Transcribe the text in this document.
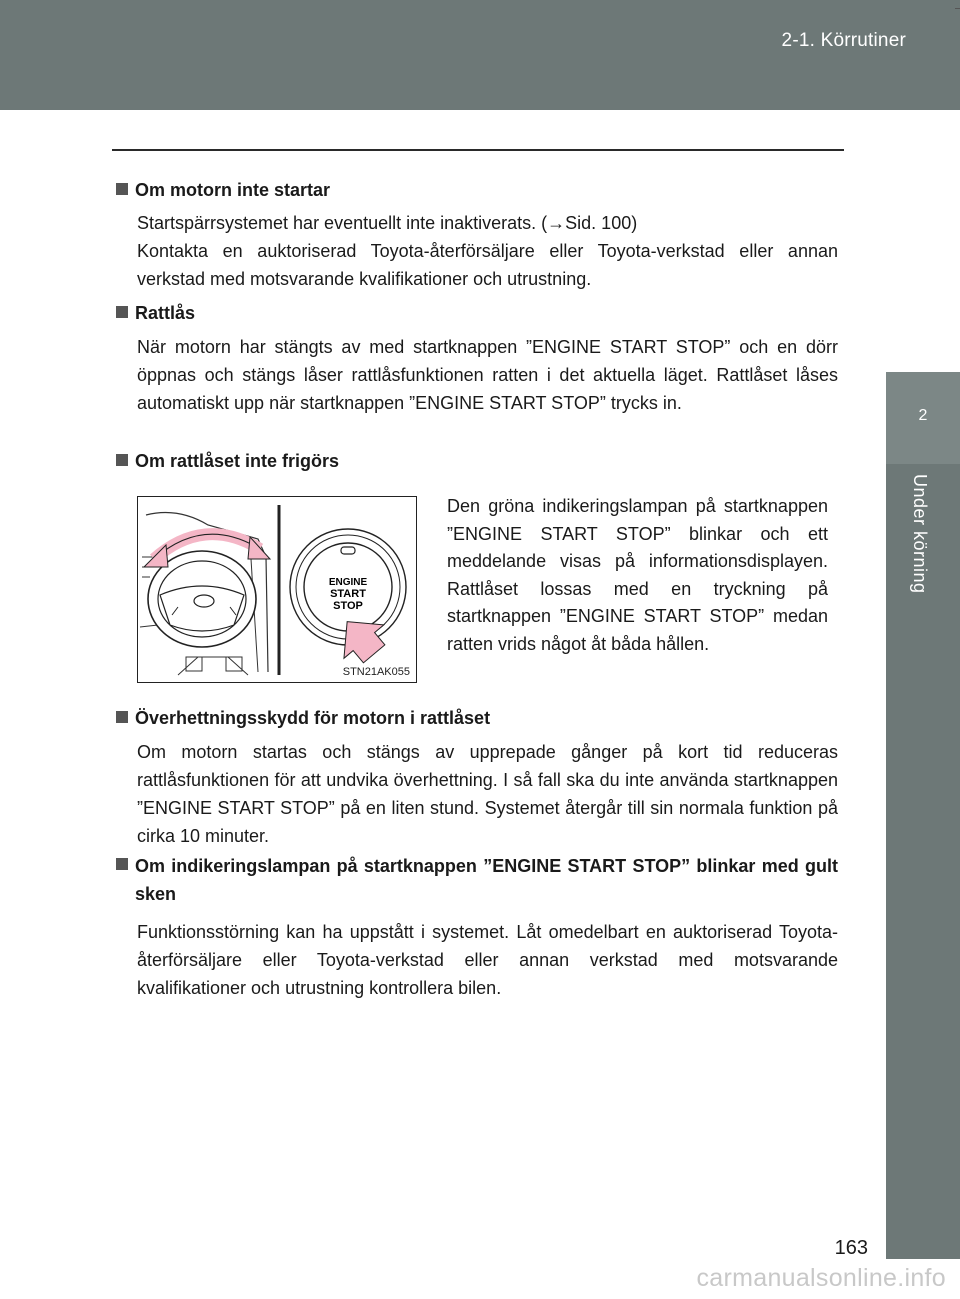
2-1. Körrutiner
2
Under körning
Om motorn inte startar
Startspärrsystemet har eventuellt inte inaktiverats. (→Sid. 100)
Kontakta en auktoriserad Toyota-återförsäljare eller Toyota-verkstad eller annan verkstad med motsvarande kvalifikationer och utrustning.
Rattlås
När motorn har stängts av med startknappen ”ENGINE START STOP” och en dörr öppnas och stängs låser rattlåsfunktionen ratten i det aktuella läget. Rattlåset låses automatiskt upp när startknappen ”ENGINE START STOP” trycks in.
Om rattlåset inte frigörs
ENGINE
START
STOP
STN21AK055
Den gröna indikeringslampan på startknappen ”ENGINE START STOP” blinkar och ett meddelande visas på informationsdisplayen. Rattlåset lossas med en tryckning på startknappen ”ENGINE START STOP” medan ratten vrids något åt båda hållen.
Överhettningsskydd för motorn i rattlåset
Om motorn startas och stängs av upprepade gånger på kort tid reduceras rattlåsfunktionen för att undvika överhettning. I så fall ska du inte använda startknappen ”ENGINE START STOP” på en liten stund. Systemet återgår till sin normala funktion på cirka 10 minuter.
Om indikeringslampan på startknappen ”ENGINE START STOP” blinkar med gult sken
Funktionsstörning kan ha uppstått i systemet. Låt omedelbart en auktoriserad Toyota-återförsäljare eller Toyota-verkstad eller annan verkstad med motsvarande kvalifikationer och utrustning kontrollera bilen.
163
carmanualsonline.info
